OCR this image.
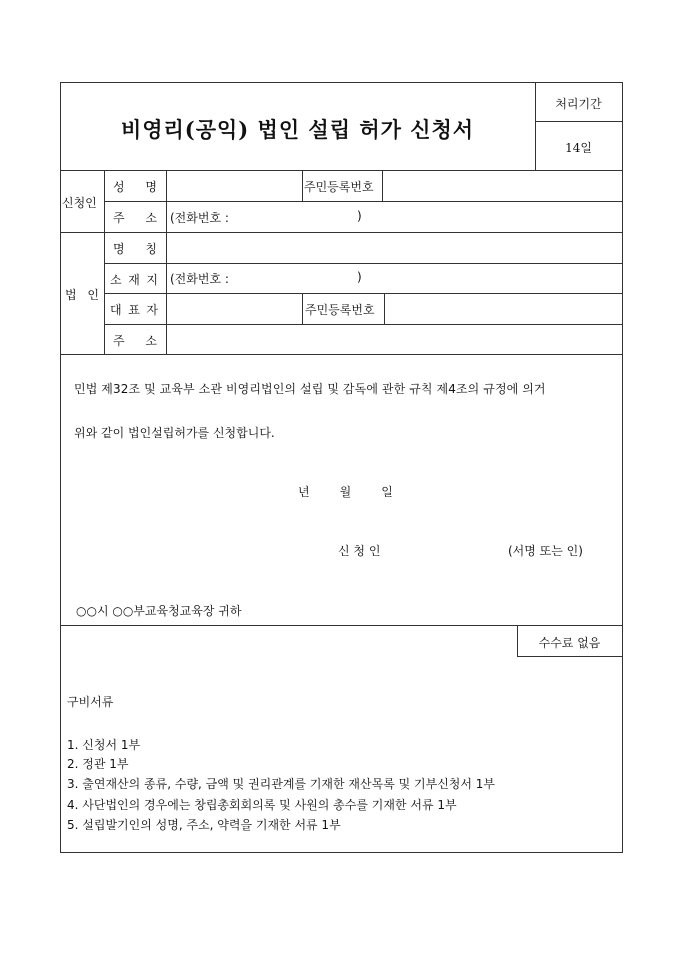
비영리(공익) 법인 설립 허가 신청서
처리기간
14일
신청인
성 명	주민등록번호
주 소 (전화번호 :	)
법 인
명 칭
소 재 지 (전화번호 :	)
대 표 자	주민등록번호
주 소
민법 제32조 및 교육부 소관 비영리법인의 설립 및 감독에 관한 규칙 제4조의 규정에 의거
위와 같이 법인설립허가를 신청합니다.
년	월	일
신 청 인	(서명 또는 인)
○○시 ○○부교육청교육장 귀하
수수료 없음
구비서류
1. 신청서 1부
2. 정관 1부
3. 출연재산의 종류, 수량, 금액 및 권리관계를 기재한 재산목록 및 기부신청서 1부
4. 사단법인의 경우에는 창립총회회의록 및 사원의 총수를 기재한 서류 1부
5. 설립발기인의 성명, 주소, 약력을 기재한 서류 1부
